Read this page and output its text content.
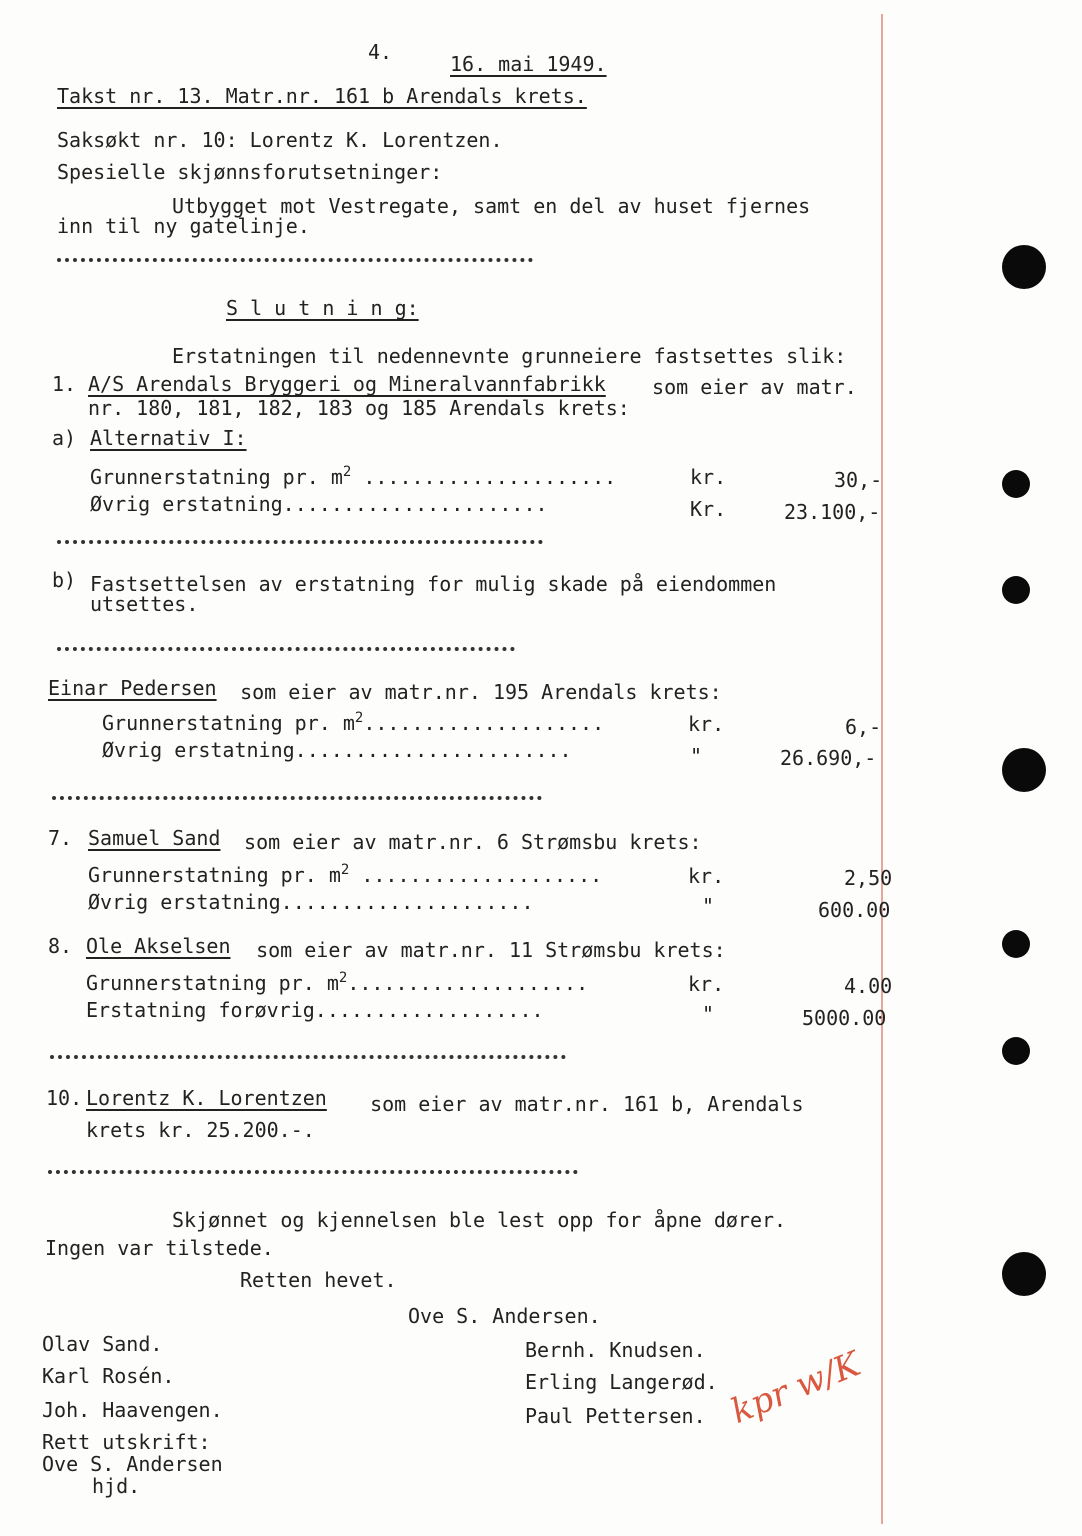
4.	16. mai 1949.
Takst nr. 13. Matr.nr. 161 b Arendals krets.
Saksøkt nr. 10: Lorentz K. Lorentzen.
Spesielle skjønnsforutsetninger:
Utbygget mot Vestregate, samt en del av huset fjernes
inn til ny gatelinje.
S l u t n i n g:
Erstatningen til nedennevnte grunneiere fastsettes slik:
1. A/S Arendals Bryggeri og Mineralvannfabrikk som eier av matr.
nr. 180, 181, 182, 183 og 185 Arendals krets:
a) Alternativ I:
Grunnerstatning pr. $m^2$ .....................	kr.	30,-
Øvrig erstatning......................	Kr.	23.100,-
b) Fastsettelsen av erstatning for mulig skade på eiendommen
utsettes.
Einar Pedersen som eier av matr.nr. 195 Arendals krets:
Grunnerstatning pr. $m^2$....................	kr.	6,-
Øvrig erstatning.......................	"	26.690,-
7. Samuel Sand som eier av matr.nr. 6 Strømsbu krets:
Grunnerstatning pr. $m^2$ ....................	kr.	2,50
Øvrig erstatning.....................	"	600.00
8. Ole Akselsen som eier av matr.nr. 11 Strømsbu krets:
Grunnerstatning pr. $m^2$....................	kr.	4.00
Erstatning forøvrig...................	"	5000.00
10. Lorentz K. Lorentzen som eier av matr.nr. 161 b, Arendals
krets kr. 25.200.-.
Skjønnet og kjennelsen ble lest opp for åpne dører.
Ingen var tilstede.
Retten hevet.
Ove S. Andersen.
Olav Sand.
Karl Rosén.
Joh. Haavengen.
Bernh. Knudsen.
Erling Langerød.
Paul Pettersen.
Rett utskrift:
Ove S. Andersen
hjd.
kpr w/K
